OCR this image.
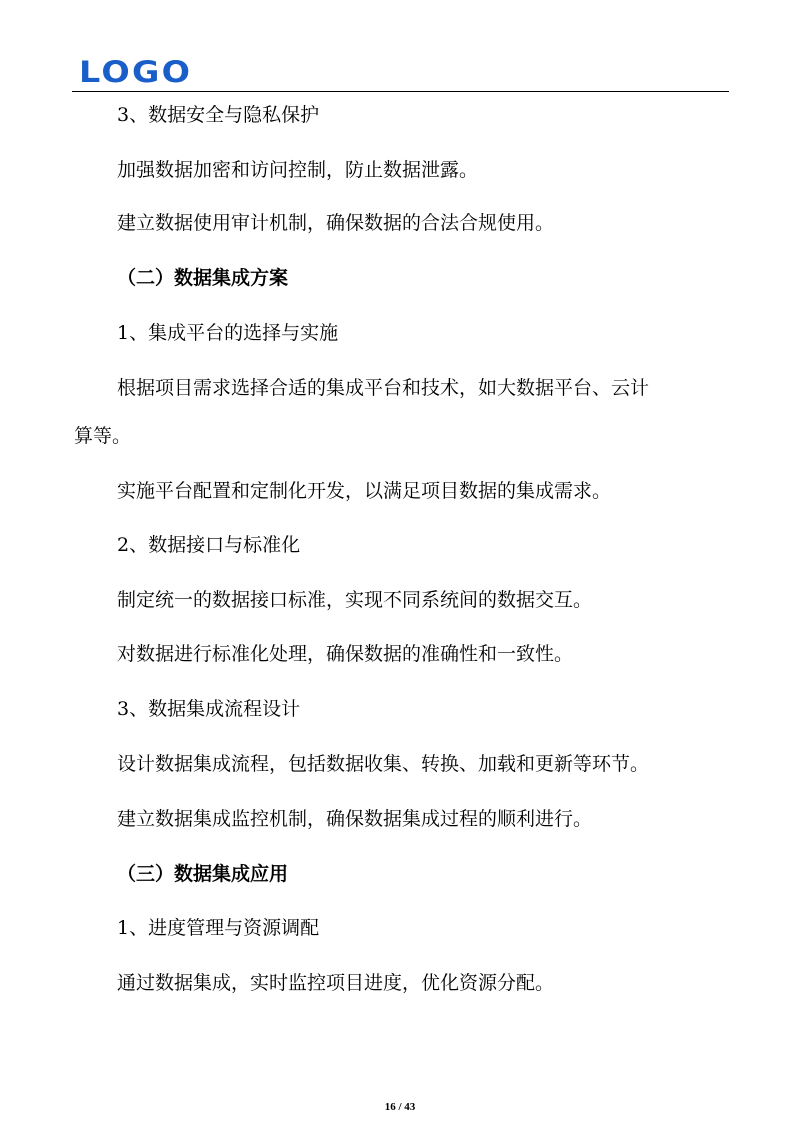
LOGO
3、数据安全与隐私保护
加强数据加密和访问控制，防止数据泄露。
建立数据使用审计机制，确保数据的合法合规使用。
（二）数据集成方案
1、集成平台的选择与实施
根据项目需求选择合适的集成平台和技术，如大数据平台、云计
算等。
实施平台配置和定制化开发，以满足项目数据的集成需求。
2、数据接口与标准化
制定统一的数据接口标准，实现不同系统间的数据交互。
对数据进行标准化处理，确保数据的准确性和一致性。
3、数据集成流程设计
设计数据集成流程，包括数据收集、转换、加载和更新等环节。
建立数据集成监控机制，确保数据集成过程的顺利进行。
（三）数据集成应用
1、进度管理与资源调配
通过数据集成，实时监控项目进度，优化资源分配。
16 / 43
